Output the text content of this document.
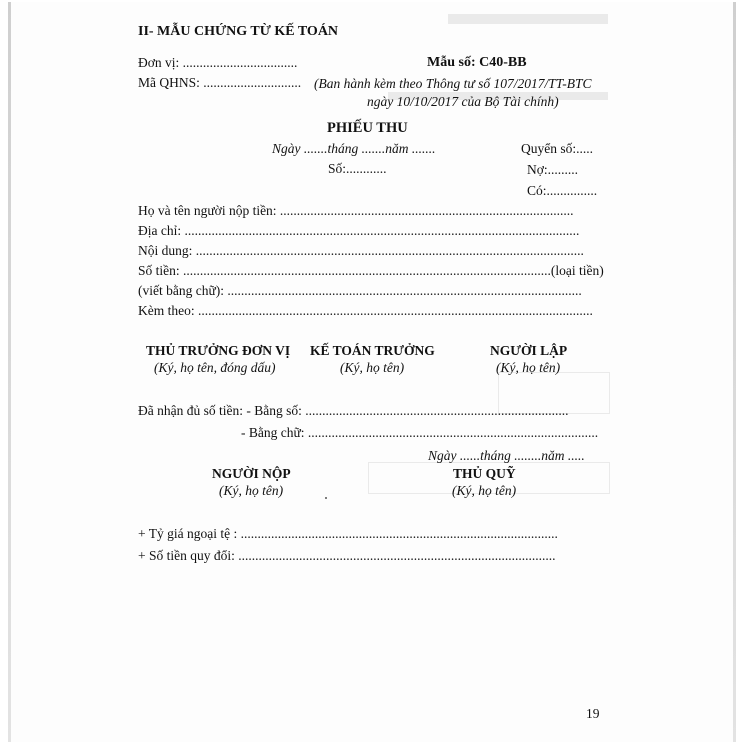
II- MẪU CHỨNG TỪ KẾ TOÁN
Đơn vị: ..................................
Mã QHNS: .............................
Mẫu số: C40-BB
(Ban hành kèm theo Thông tư số 107/2017/TT-BTC
ngày 10/10/2017 của Bộ Tài chính)
PHIẾU THU
Ngày .......tháng .......năm .......
Số:............
Quyển số:.....
Nợ:.........
Có:...............
Họ và tên người nộp tiền: .......................................................................................
Địa chỉ: .....................................................................................................................
Nội dung: ...................................................................................................................
Số tiền: .............................................................................................................(loại tiền)
(viết bằng chữ): .........................................................................................................
Kèm theo: .....................................................................................................................
THỦ TRƯỞNG ĐƠN VỊ
(Ký, họ tên, đóng dấu)
KẾ TOÁN TRƯỞNG
(Ký, họ tên)
NGƯỜI LẬP
(Ký, họ tên)
Đã nhận đủ số tiền: - Bằng số: ..............................................................................
- Bằng chữ: ......................................................................................
Ngày ......tháng ........năm .....
NGƯỜI NỘP
(Ký, họ tên)
THỦ QUỸ
(Ký, họ tên)
+ Tỷ giá ngoại tệ : ..............................................................................................
+ Số tiền quy đổi: ..............................................................................................
19
